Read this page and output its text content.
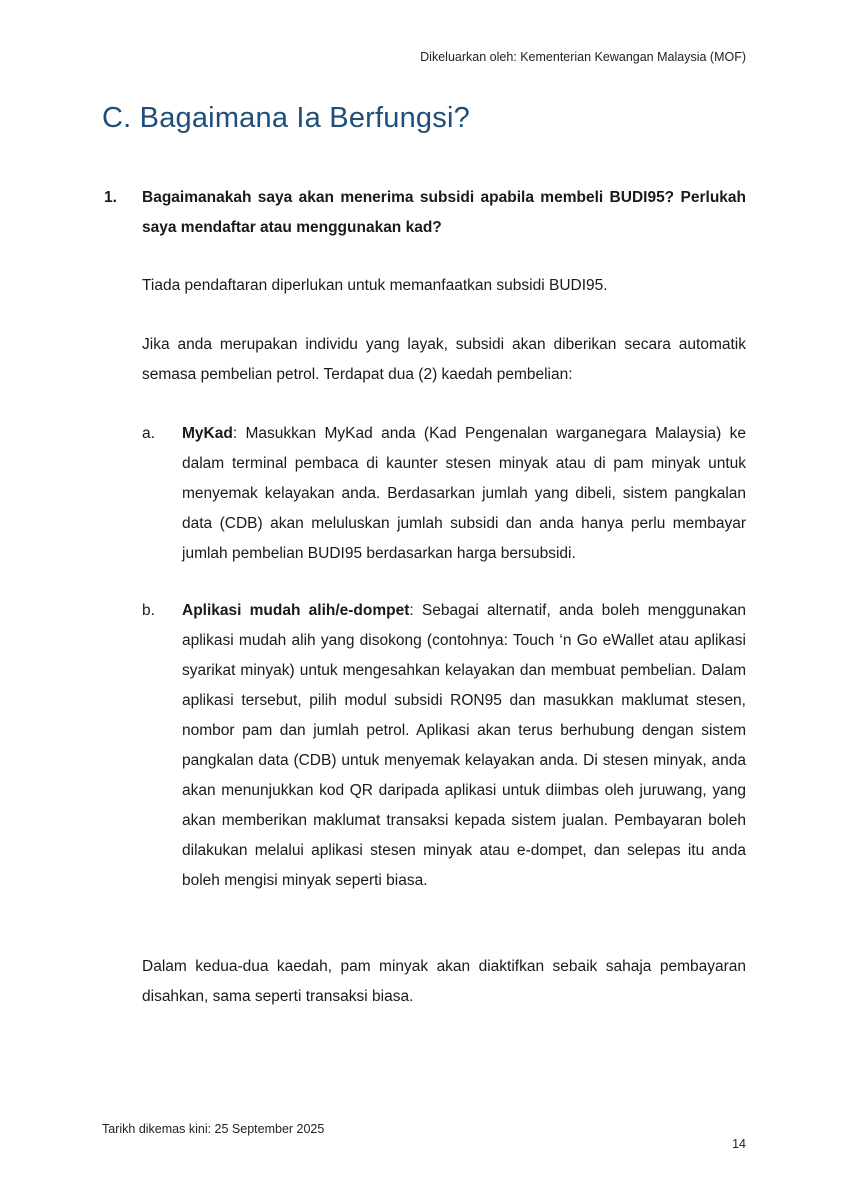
Dikeluarkan oleh: Kementerian Kewangan Malaysia (MOF)
C. Bagaimana Ia Berfungsi?
1. Bagaimanakah saya akan menerima subsidi apabila membeli BUDI95? Perlukah saya mendaftar atau menggunakan kad?

Tiada pendaftaran diperlukan untuk memanfaatkan subsidi BUDI95.

Jika anda merupakan individu yang layak, subsidi akan diberikan secara automatik semasa pembelian petrol. Terdapat dua (2) kaedah pembelian:

a. MyKad: Masukkan MyKad anda (Kad Pengenalan warganegara Malaysia) ke dalam terminal pembaca di kaunter stesen minyak atau di pam minyak untuk menyemak kelayakan anda. Berdasarkan jumlah yang dibeli, sistem pangkalan data (CDB) akan meluluskan jumlah subsidi dan anda hanya perlu membayar jumlah pembelian BUDI95 berdasarkan harga bersubsidi.
b. Aplikasi mudah alih/e-dompet: Sebagai alternatif, anda boleh menggunakan aplikasi mudah alih yang disokong (contohnya: Touch ‘n Go eWallet atau aplikasi syarikat minyak) untuk mengesahkan kelayakan dan membuat pembelian. Dalam aplikasi tersebut, pilih modul subsidi RON95 dan masukkan maklumat stesen, nombor pam dan jumlah petrol. Aplikasi akan terus berhubung dengan sistem pangkalan data (CDB) untuk menyemak kelayakan anda. Di stesen minyak, anda akan menunjukkan kod QR daripada aplikasi untuk diimbas oleh juruwang, yang akan memberikan maklumat transaksi kepada sistem jualan. Pembayaran boleh dilakukan melalui aplikasi stesen minyak atau e-dompet, dan selepas itu anda boleh mengisi minyak seperti biasa.

Dalam kedua-dua kaedah, pam minyak akan diaktifkan sebaik sahaja pembayaran disahkan, sama seperti transaksi biasa.

Tarikh dikemas kini: 25 September 2025
14
